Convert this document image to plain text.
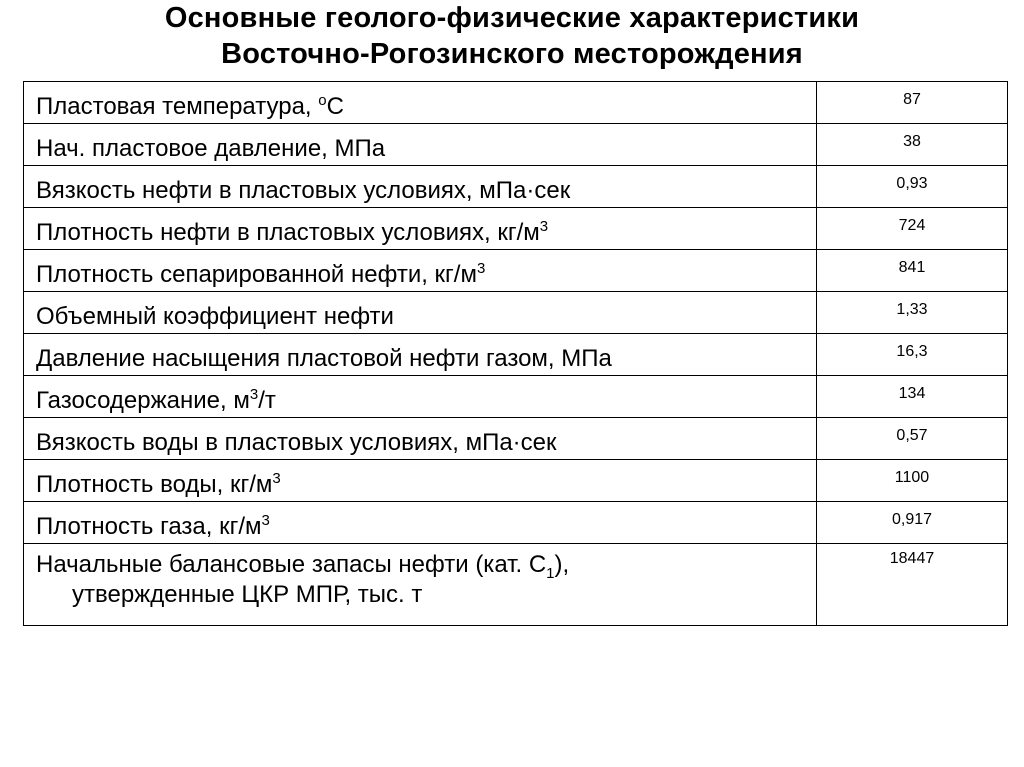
Основные геолого-физические характеристики
Восточно-Рогозинского месторождения
Пластовая температура, $^o$С	87
Нач. пластовое давление, МПа	38
Вязкость нефти в пластовых условиях, мПа·сек	0,93
Плотность нефти в пластовых условиях, $кг/м^3$	724
Плотность сепарированной нефти, $кг/м^3$	841
Объемный коэффициент нефти	1,33
Давление насыщения пластовой нефти газом, МПа	16,3
Газосодержание, $м^3/т$	134
Вязкость воды в пластовых условиях, мПа·сек	0,57
Плотность воды, $кг/м^3$	1100
Плотность газа, $кг/м^3$	0,917
Начальные балансовые запасы нефти (кат. $С_1$),
утвержденные ЦКР МПР, тыс. т	18447
